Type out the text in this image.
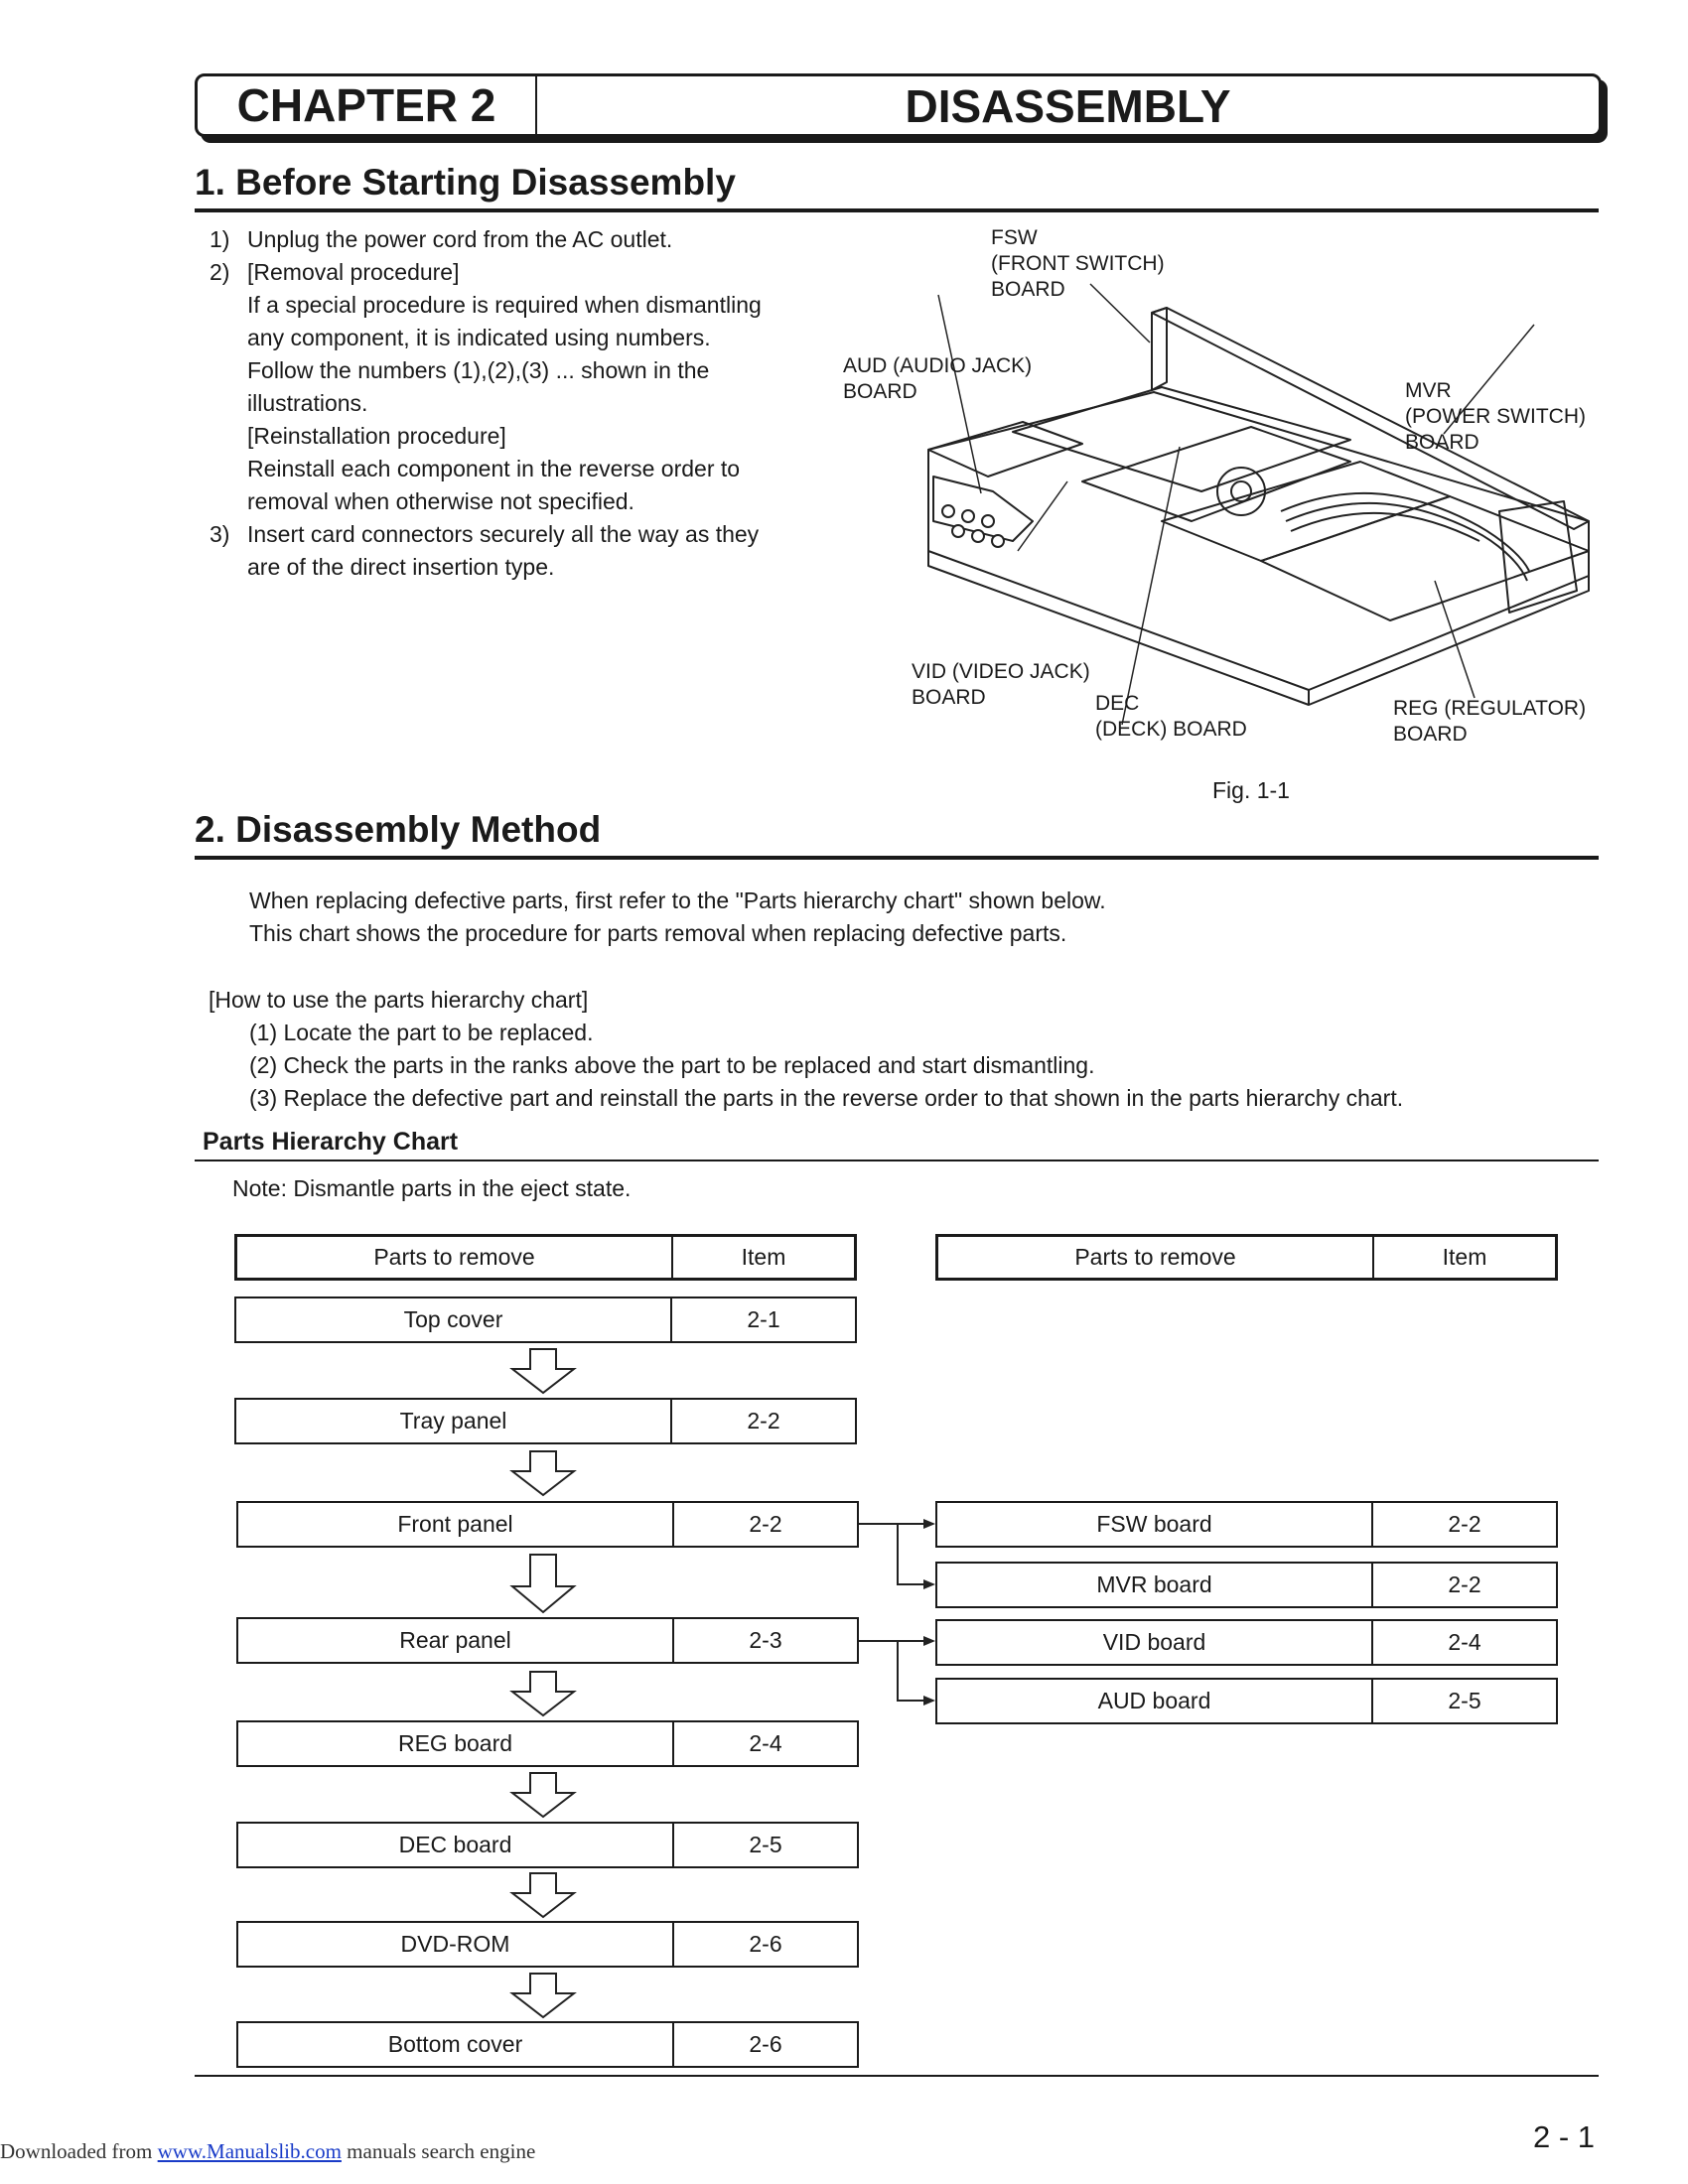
CHAPTER 2	DISASSEMBLY
1. Before Starting Disassembly
1) Unplug the power cord from the AC outlet.
2) [Removal procedure]
If a special procedure is required when dismantling
any component, it is indicated using numbers.
Follow the numbers (1),(2),(3) ... shown in the
illustrations.
[Reinstallation procedure]
Reinstall each component in the reverse order to
removal when otherwise not specified.
3) Insert card connectors securely all the way as they
are of the direct insertion type.
FSW
(FRONT SWITCH)
BOARD
AUD (AUDIO JACK)
BOARD	MVR
(POWER SWITCH)
BOARD
VID (VIDEO JACK)
BOARD	DEC
(DECK) BOARD
REG (REGULATOR)
BOARD
Fig. 1-1
2. Disassembly Method
When replacing defective parts, first refer to the "Parts hierarchy chart" shown below.
This chart shows the procedure for parts removal when replacing defective parts.
[How to use the parts hierarchy chart]
(1) Locate the part to be replaced.
(2) Check the parts in the ranks above the part to be replaced and start dismantling.
(3) Replace the defective part and reinstall the parts in the reverse order to that shown in the parts hierarchy chart.
Parts Hierarchy Chart
Note: Dismantle parts in the eject state.
Parts to remove	Item	Parts to remove	Item
Top cover	2-1
Tray panel	2-2
Front panel	2-2
Rear panel	2-3
REG board	2-4
DEC board	2-5
DVD-ROM	2-6
Bottom cover	2-6
FSW board	2-2
MVR board	2-2
VID board	2-4
AUD board	2-5
2 - 1
Downloaded from www.Manualslib.com manuals search engine
